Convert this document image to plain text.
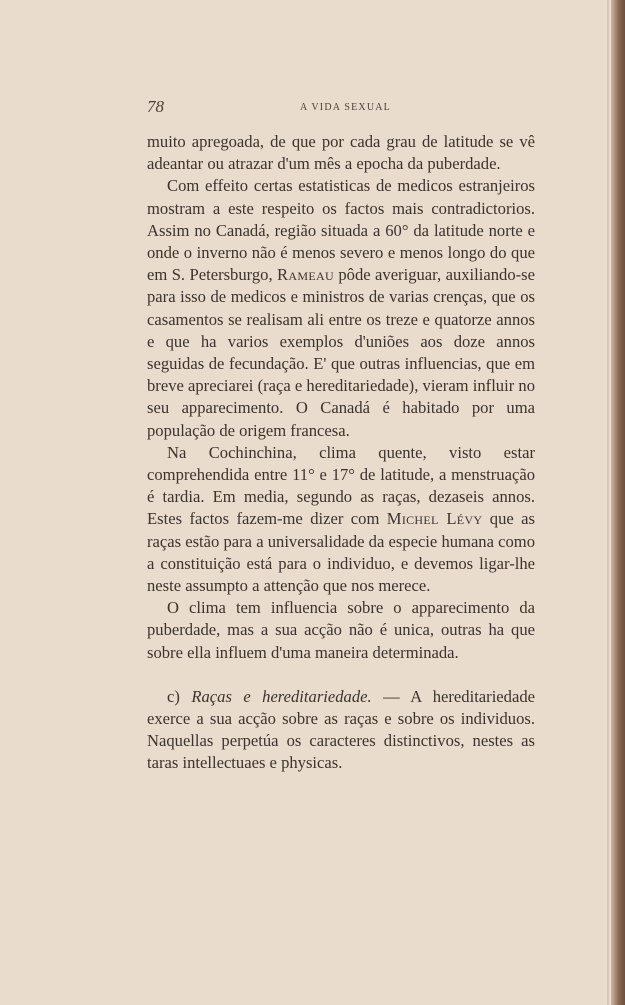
78	A VIDA SEXUAL

muito apregoada, de que por cada grau de latitude se vê adeantar ou atrazar d'um mês a epocha da puberdade.

Com effeito certas estatisticas de medicos estranjeiros mostram a este respeito os factos mais contradictorios. Assim no Canadá, região situada a 60° da latitude norte e onde o inverno não é menos severo e menos longo do que em S. Petersburgo, Rameau pôde averiguar, auxiliando-se para isso de medicos e ministros de varias crenças, que os casamentos se realisam ali entre os treze e quatorze annos e que ha varios exemplos d'uniões aos doze annos seguidas de fecundação. E' que outras influencias, que em breve apreciarei (raça e hereditariedade), vieram influir no seu apparecimento. O Canadá é habitado por uma população de origem francesa.

Na Cochinchina, clima quente, visto estar comprehendida entre 11° e 17° de latitude, a menstruação é tardia. Em media, segundo as raças, dezaseis annos. Estes factos fazem-me dizer com Michel Lévy que as raças estão para a universalidade da especie humana como a constituição está para o individuo, e devemos ligar-lhe neste assumpto a attenção que nos merece.

O clima tem influencia sobre o apparecimento da puberdade, mas a sua acção não é unica, outras ha que sobre ella influem d'uma maneira determinada.

c) Raças e hereditariedade. — A hereditariedade exerce a sua acção sobre as raças e sobre os individuos. Naquellas perpetúa os caracteres distinctivos, nestes as taras intellectuaes e physicas.
